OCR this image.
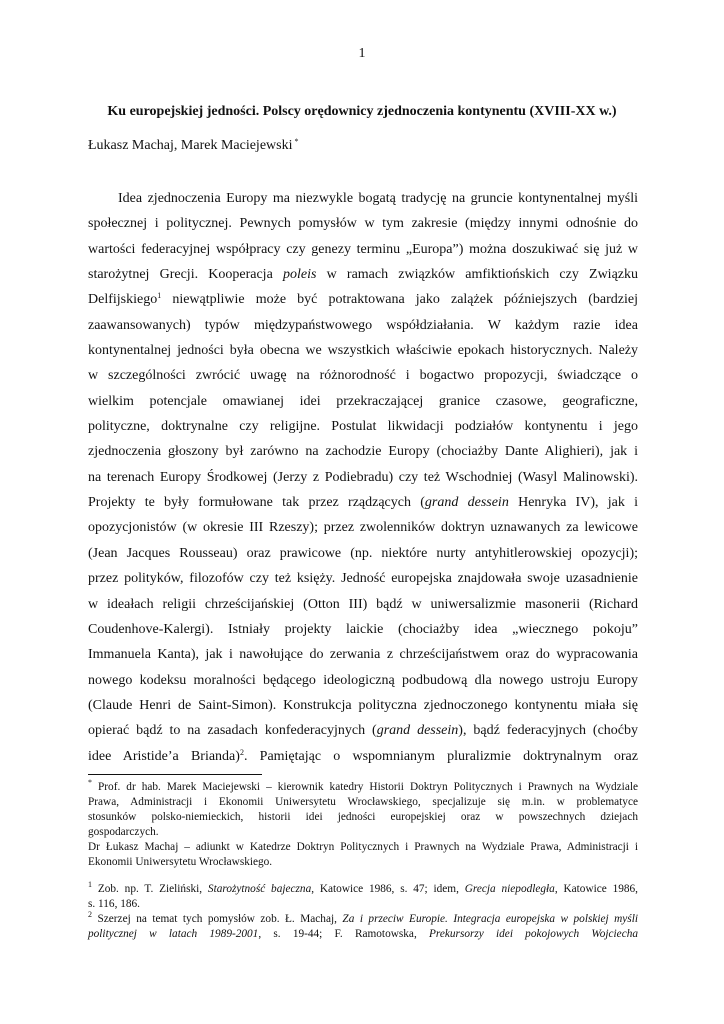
1
Ku europejskiej jedności. Polscy orędownicy zjednoczenia kontynentu (XVIII-XX w.)
Łukasz Machaj, Marek Maciejewski *
Idea zjednoczenia Europy ma niezwykle bogatą tradycję na gruncie kontynentalnej myśli
społecznej i politycznej. Pewnych pomysłów w tym zakresie (między innymi odnośnie do
wartości federacyjnej współpracy czy genezy terminu „Europa”) można doszukiwać się już w
starożytnej Grecji. Kooperacja poleis w ramach związków amfiktiońskich czy Związku
Delfijskiego$^1$ niewątpliwie może być potraktowana jako zalążek późniejszych (bardziej
zaawansowanych) typów międzypaństwowego współdziałania. W każdym razie idea
kontynentalnej jedności była obecna we wszystkich właściwie epokach historycznych. Należy
w szczególności zwrócić uwagę na różnorodność i bogactwo propozycji, świadczące o
wielkim potencjale omawianej idei przekraczającej granice czasowe, geograficzne,
polityczne, doktrynalne czy religijne. Postulat likwidacji podziałów kontynentu i jego
zjednoczenia głoszony był zarówno na zachodzie Europy (chociażby Dante Alighieri), jak i
na terenach Europy Środkowej (Jerzy z Podiebradu) czy też Wschodniej (Wasyl Malinowski).
Projekty te były formułowane tak przez rządzących (grand dessein Henryka IV), jak i
opozycjonistów (w okresie III Rzeszy); przez zwolenników doktryn uznawanych za lewicowe
(Jean Jacques Rousseau) oraz prawicowe (np. niektóre nurty antyhitlerowskiej opozycji);
przez polityków, filozofów czy też księży. Jedność europejska znajdowała swoje uzasadnienie
w ideałach religii chrześcijańskiej (Otton III) bądź w uniwersalizmie masonerii (Richard
Coudenhove-Kalergi). Istniały projekty laickie (chociażby idea „wiecznego pokoju”
Immanuela Kanta), jak i nawołujące do zerwania z chrześcijaństwem oraz do wypracowania
nowego kodeksu moralności będącego ideologiczną podbudową dla nowego ustroju Europy
(Claude Henri de Saint-Simon). Konstrukcja polityczna zjednoczonego kontynentu miała się
opierać bądź to na zasadach konfederacyjnych (grand dessein), bądź federacyjnych (choćby
idee Aristide’a Brianda)$^2$. Pamiętając o wspomnianym pluralizmie doktrynalnym oraz
* Prof. dr hab. Marek Maciejewski – kierownik katedry Historii Doktryn Politycznych i Prawnych na Wydziale
Prawa, Administracji i Ekonomii Uniwersytetu Wrocławskiego, specjalizuje się m.in. w problematyce
stosunków polsko-niemieckich, historii idei jedności europejskiej oraz w powszechnych dziejach
gospodarczych.
Dr Łukasz Machaj – adiunkt w Katedrze Doktryn Politycznych i Prawnych na Wydziale Prawa, Administracji i
Ekonomii Uniwersytetu Wrocławskiego.
$^1$ Zob. np. T. Zieliński, Starożytność bajeczna, Katowice 1986, s. 47; idem, Grecja niepodległa, Katowice 1986,
s. 116, 186.
$^2$ Szerzej na temat tych pomysłów zob. Ł. Machaj, Za i przeciw Europie. Integracja europejska w polskiej myśli
politycznej w latach 1989-2001, s. 19-44; F. Ramotowska, Prekursorzy idei pokojowych Wojciecha
